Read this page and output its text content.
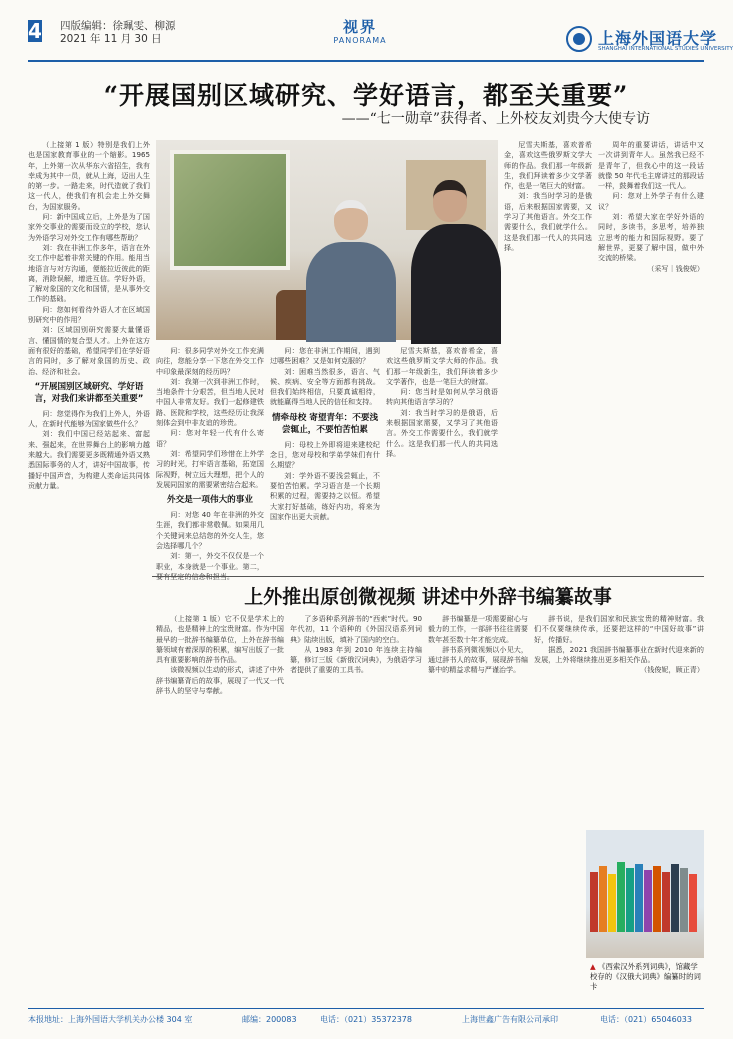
4 四版编辑：徐珮雯、柳源
2021 年 11 月 30 日
视界
PANORAMA	上海外国语大学
SHANGHAI INTERNATIONAL STUDIES UNIVERSITY
“开展国别区域研究、学好语言，都至关重要”
——“七一勋章”获得者、上外校友刘贵今大使专访

（上接第 1 版）特别是我们上外也是国家教育事业的一个缩影。1965 年，上外第一次从华东六省招生，我有幸成为其中一员，就从上海，迈出人生的第一步。一路走来，时代造就了我们这一代人，使我们有机会走上外交舞台，为国家服务。

问：新中国成立后，上外是为了国家外交事业的需要而设立的学校，您认为外语学习对外交工作有哪些帮助？

刘：我在非洲工作多年，语言在外交工作中起着非常关键的作用。能用当地语言与对方沟通，便能拉近彼此的距离，消除误解，增进互信。学好外语，了解对象国的文化和国情，是从事外交工作的基础。

问：您如何看待外语人才在区域国别研究中的作用？

刘：区域国别研究需要大量懂语言、懂国情的复合型人才。上外在这方面有很好的基础，希望同学们在学好语言的同时，多了解对象国的历史、政治、经济和社会。

“开展国别区域研究、学好语言，对我们来讲都至关重要”

问：您觉得作为我们上外人，外语人，在新时代能够为国家做些什么？

刘：我们中国已经站起来、富起来、强起来，在世界舞台上的影响力越来越大。我们需要更多既精通外语又熟悉国际事务的人才，讲好中国故事，传播好中国声音，为构建人类命运共同体贡献力量。

问：很多同学对外交工作充满向往，您能分享一下您在外交工作中印象最深刻的经历吗？

刘：我第一次到非洲工作时，当地条件十分艰苦，但当地人民对中国人非常友好。我们一起修建铁路、医院和学校，这些经历让我深刻体会到中非友谊的珍贵。

问：您对年轻一代有什么寄语？

刘：希望同学们珍惜在上外学习的时光，打牢语言基础，拓宽国际视野，树立远大理想，把个人的发展同国家的需要紧密结合起来。

外交是一项伟大的事业

问：对您 40 年在非洲的外交生涯，我们都非常敬佩。如果用几个关键词来总结您的外交人生，您会选择哪几个？

刘：第一，外交不仅仅是一个职业，本身就是一个事业。第二，

问：您在非洲工作期间，遇到过哪些困难？又是如何克服的？

刘：困难当然很多，语言、气候、疾病、安全等方面都有挑战。但我们始终相信，只要真诚相待，就能赢得当地人民的信任和支持。

情牵母校 寄望青年：不要浅尝辄止，不要怕苦怕累

问：母校上外即将迎来建校纪念日，您对母校和学弟学妹们有什么期望？

刘：学外语不要浅尝辄止，不要怕苦怕累。学习语言是一个长期积累的过程，需要持之以恒。希望大家打好基础，练好内功，将来为国家作出更大贡献。

尼雪夫斯基，喜欢普希金，喜欢这些俄罗斯文学大师的作品。我们那一年级新生，我们拜读着多少文学著作，也是一笔巨大的财富。

问：您当时是如何从学习俄语转向其他语言学习的？

刘：我当时学习的是俄语，后来根据国家需要，又学习了其他语言。外交工作需要什么，我们就学什么。这是我们那一代人的共同选择。

尼雪夫斯基，喜欢普希金，喜欢这些俄罗斯文学大师的作品。我们那一年级新生，我们拜读着多少文学著作，也是一笔巨大的财富。

刘：我当时学习的是俄语，后来根据国家需要，又学习了其他语言。外交工作需要什么，我们就学什么。这是我们那一代人的共同选择。

周年的重要讲话，讲话中又一次讲到青年人。虽然我已经不是青年了，但我心中的这一段话就像 50 年代毛主席讲过的那段话一样，鼓舞着我们这一代人。

问：您对上外学子有什么建议？

刘：希望大家在学好外语的同时，多读书，多思考，培养独立思考的能力和国际视野。要了解世界，更要了解中国，做中外交流的桥梁。

（采写｜钱俊妮）
上外推出原创微视频 讲述中外辞书编纂故事

（上接第 1 版）它不仅是学术上的精品，也是精神上的宝贵财富。作为中国最早的一批辞书编纂单位，上外在辞书编纂领域有着深厚的积累，编写出版了一批具有重要影响的辞书作品。

该微视频以生动的形式，讲述了中外辞书编纂背后的故事，展现了一代又一代辞书人的坚守与奉献。

了多语种系列辞书的“西索”时代。90 年代初，11 个语种的《外国汉语系列词典》陆续出版，填补了国内的空白。

从 1983 年到 2010 年连续主持编纂，修订三版《新俄汉词典》，为俄语学习者提供了重要的工具书。

辞书编纂是一项需要耐心与毅力的工作，一部辞书往往需要数年甚至数十年才能完成。

辞书系列微视频以小见大，通过辞书人的故事，展现辞书编纂中的精益求精与严谨治学。

辞书说，是我们国家和民族宝贵的精神财富。我们不仅要继续传承，还要把这样的“中国好故事”讲好，传播好。

据悉，2021 我国辞书编纂事业在新时代迎来新的发展，上外将继续推出更多相关作品。

（钱俊妮，顾正青）
▲ 《西索汉外系列词典》，馆藏学校存的《汉俄大词典》编纂时的词卡
本报地址：上海外国语大学机关办公楼 304 室	邮编：200083	电话：（021）35372378	上海世鑫广告有限公司承印	电话：（021）65046033
